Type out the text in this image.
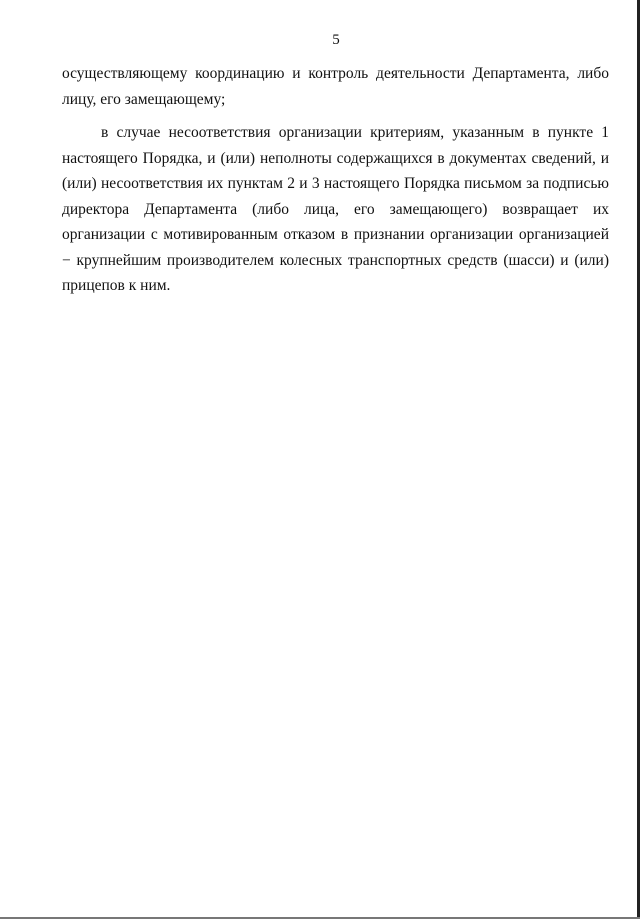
5

осуществляющему координацию и контроль деятельности Департамента, либо лицу, его замещающему;

в случае несоответствия организации критериям, указанным в пункте 1 настоящего Порядка, и (или) неполноты содержащихся в документах сведений, и (или) несоответствия их пунктам 2 и 3 настоящего Порядка письмом за подписью директора Департамента (либо лица, его замещающего) возвращает их организации с мотивированным отказом в признании организации организацией − крупнейшим производителем колесных транспортных средств (шасси) и (или) прицепов к ним.
